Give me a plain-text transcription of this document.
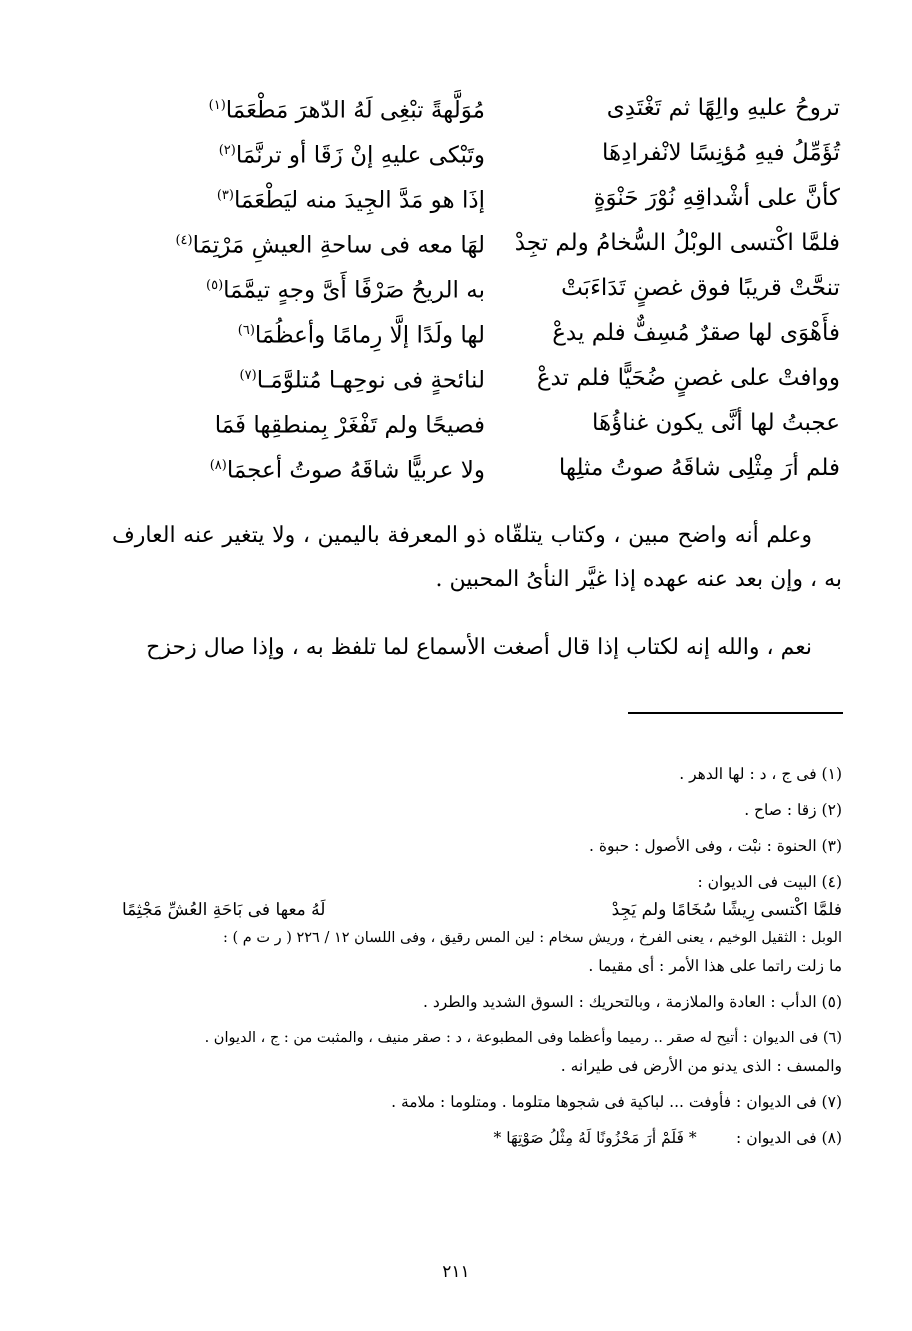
تروحُ عليهِ والِهًا ثم تَغْتَدِى
مُوَلَّهةً تبْغِى لَهُ الدّهرَ مَطْعَمَا$^{(١)}$
تُؤَمِّلُ فيهِ مُؤنِسًا لانْفرادِهَا
وتَبْكى عليهِ إنْ زَقَا أو ترنَّمَا$^{(٢)}$
كأنَّ على أشْداقِهِ نُوْرَ حَنْوَةٍ
إذَا هو مَدَّ الجِيدَ منه ليَطْعَمَا$^{(٣)}$
فلمَّا اكْتسى الوبْلُ السُّخامُ ولم تجِدْ
لهَا معه فى ساحةِ العيشِ مَرْتِمَا$^{(٤)}$
تنحَّتْ قريبًا فوق غصنٍ تَدَاءَبَتْ
به الريحُ صَرْفًا أَىَّ وجهٍ تيمَّمَا$^{(٥)}$
فأَهْوَى لها صقرٌ مُسِفٌّ فلم يدعْ
لها ولَدًا إلَّا رِمامًا وأعظُمَا$^{(٦)}$
ووافتْ على غصنٍ ضُحَيًّا فلم تدعْ
لنائحةٍ فى نوحِهـا مُتلوَّمَـا$^{(٧)}$
عجبتُ لها أنَّى يكون غناؤُهَا
فصيحًا ولم تَفْغَرْ بِمنطقِها فَمَا
فلم أرَ مِثْلِى شاقَهُ صوتُ مثلِها
ولا عربيًّا شاقَهُ صوتُ أعجمَا$^{(٨)}$

وعلم أنه واضح مبين ، وكتاب يتلقّاه ذو المعرفة باليمين ، ولا يتغير عنه العارف به ، وإن بعد عنه عهده إذا غيَّر النأىُ المحبين .

نعم ، والله إنه لكتاب إذا قال أصغت الأسماع لما تلفظ به ، وإذا صال زحزح

(١) فى ج ، د : لها الدهر .
(٢) زقا : صاح .
(٣) الحنوة : نبْت ، وفى الأصول : حبوة .
(٤) البيت فى الديوان :
فلمَّا اكْتسى رِيشًا سُخَامًا ولم يَجِدْ
لَهُ معها فى بَاحَةِ العُشِّ مَجْثِمًا
الوبل : الثقيل الوخيم ، يعنى الفرخ ، وريش سخام : لين المس رقيق ، وفى اللسان ١٢ / ٢٢٦ ( ر ت م ) :
ما زلت راتما على هذا الأمر : أى مقيما .
(٥) الدأب : العادة والملازمة ، وبالتحريك : السوق الشديد والطرد .
(٦) فى الديوان : أتيح له صقر .. رميما وأعظما وفى المطبوعة ، د : صقر منيف ، والمثبت من : ج ، الديوان .
والمسف : الذى يدنو من الأرض فى طيرانه .
(٧) فى الديوان : فأوفت ... لباكية فى شجوها متلوما . ومتلوما : ملامة .
(٨) فى الديوان :        * فَلَمْ أرَ مَحْزُونًا لَهُ مِثْلُ صَوْتِهَا *
٢١١
